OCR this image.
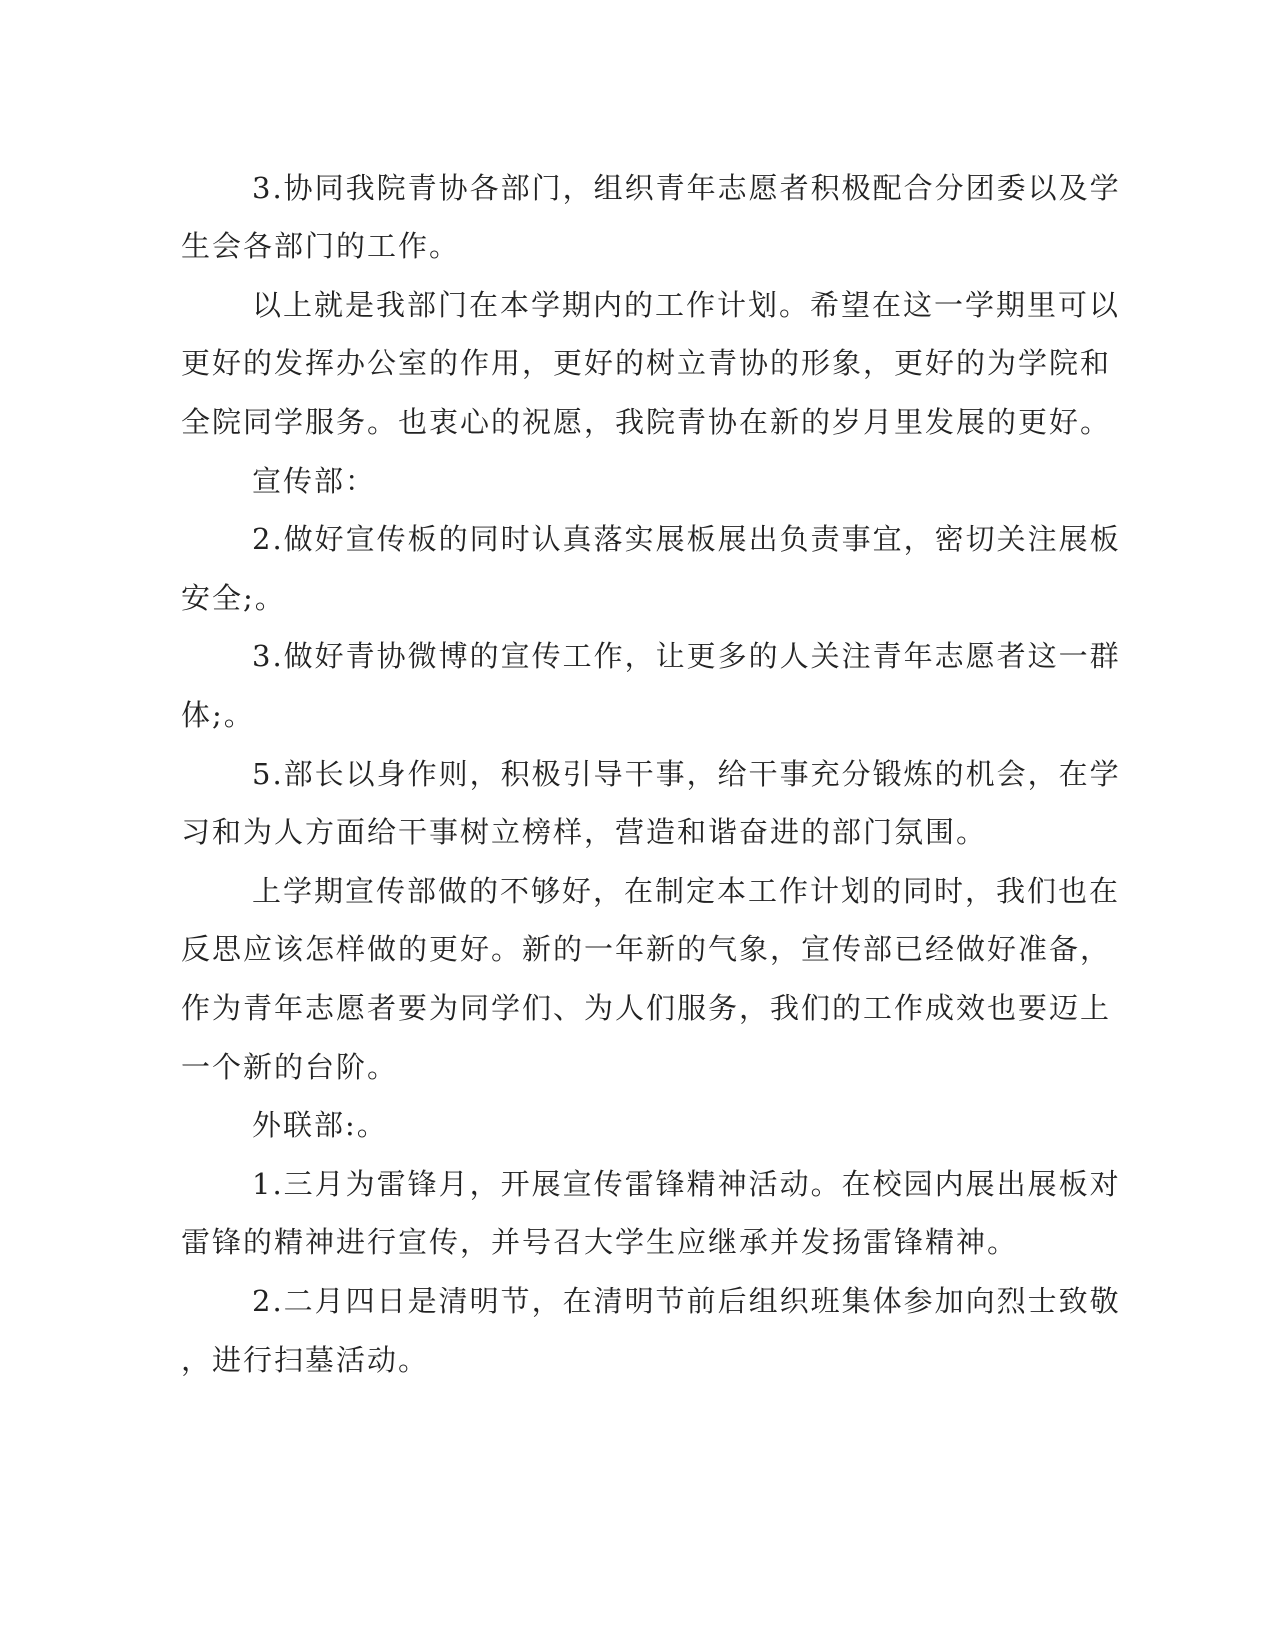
3.协同我院青协各部门，组织青年志愿者积极配合分团委以及学

生会各部门的工作。

以上就是我部门在本学期内的工作计划。希望在这一学期里可以

更好的发挥办公室的作用，更好的树立青协的形象，更好的为学院和

全院同学服务。也衷心的祝愿，我院青协在新的岁月里发展的更好。

宣传部：

2.做好宣传板的同时认真落实展板展出负责事宜，密切关注展板

安全;。

3.做好青协微博的宣传工作，让更多的人关注青年志愿者这一群

体;。

5.部长以身作则，积极引导干事，给干事充分锻炼的机会，在学

习和为人方面给干事树立榜样，营造和谐奋进的部门氛围。

上学期宣传部做的不够好，在制定本工作计划的同时，我们也在

反思应该怎样做的更好。新的一年新的气象，宣传部已经做好准备，

作为青年志愿者要为同学们、为人们服务，我们的工作成效也要迈上

一个新的台阶。

外联部:。

1.三月为雷锋月，开展宣传雷锋精神活动。在校园内展出展板对

雷锋的精神进行宣传，并号召大学生应继承并发扬雷锋精神。

2.二月四日是清明节，在清明节前后组织班集体参加向烈士致敬

，进行扫墓活动。
